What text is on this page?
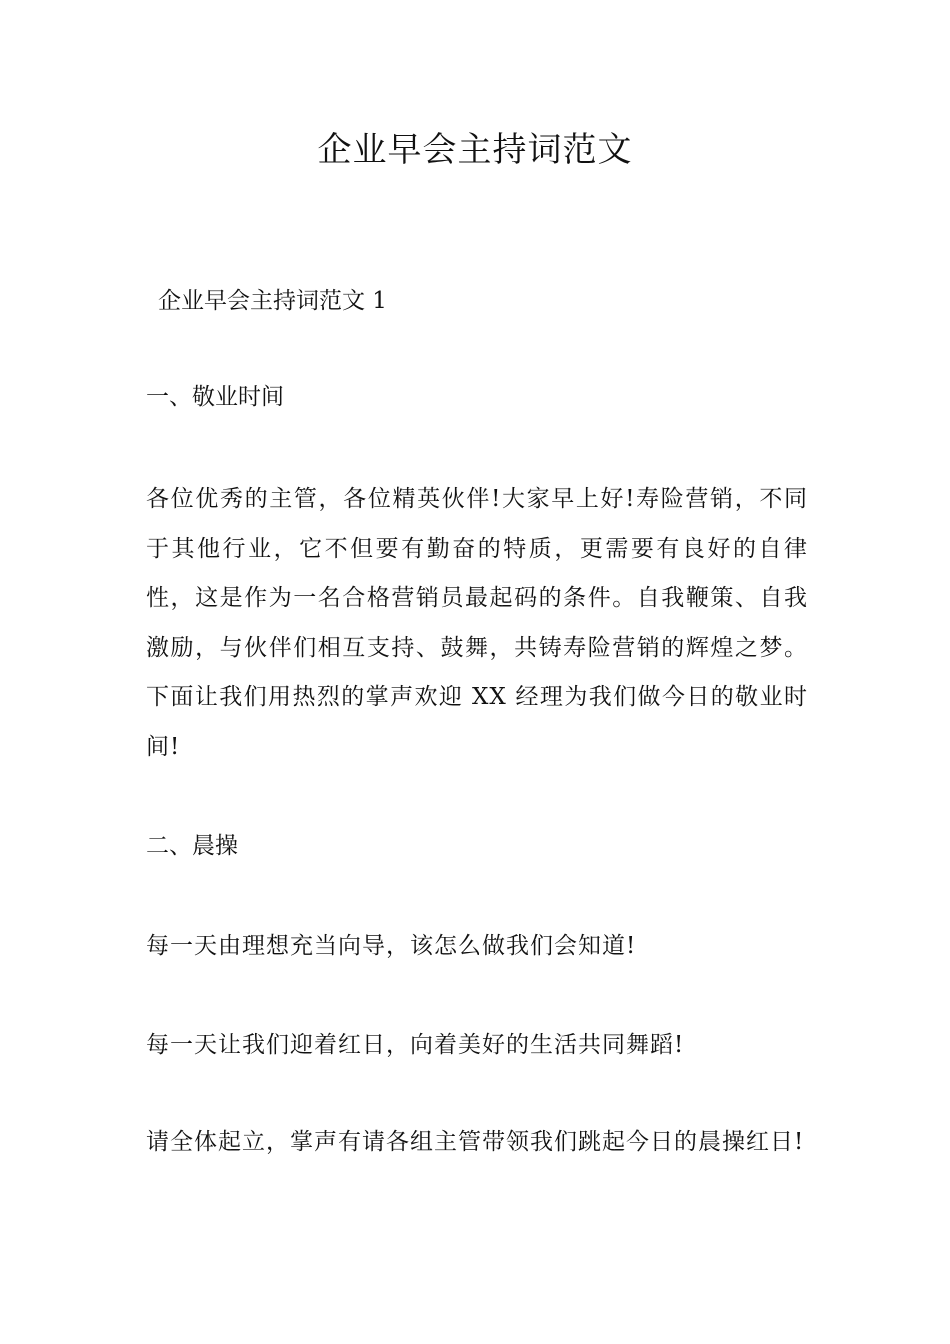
企业早会主持词范文

企业早会主持词范文 1

一、敬业时间

各位优秀的主管，各位精英伙伴!大家早上好!寿险营销，不同于其他行业，它不但要有勤奋的特质，更需要有良好的自律性，这是作为一名合格营销员最起码的条件。自我鞭策、自我激励，与伙伴们相互支持、鼓舞，共铸寿险营销的辉煌之梦。下面让我们用热烈的掌声欢迎 XX 经理为我们做今日的敬业时间!

二、晨操

每一天由理想充当向导，该怎么做我们会知道!

每一天让我们迎着红日，向着美好的生活共同舞蹈!

请全体起立，掌声有请各组主管带领我们跳起今日的晨操红日!
